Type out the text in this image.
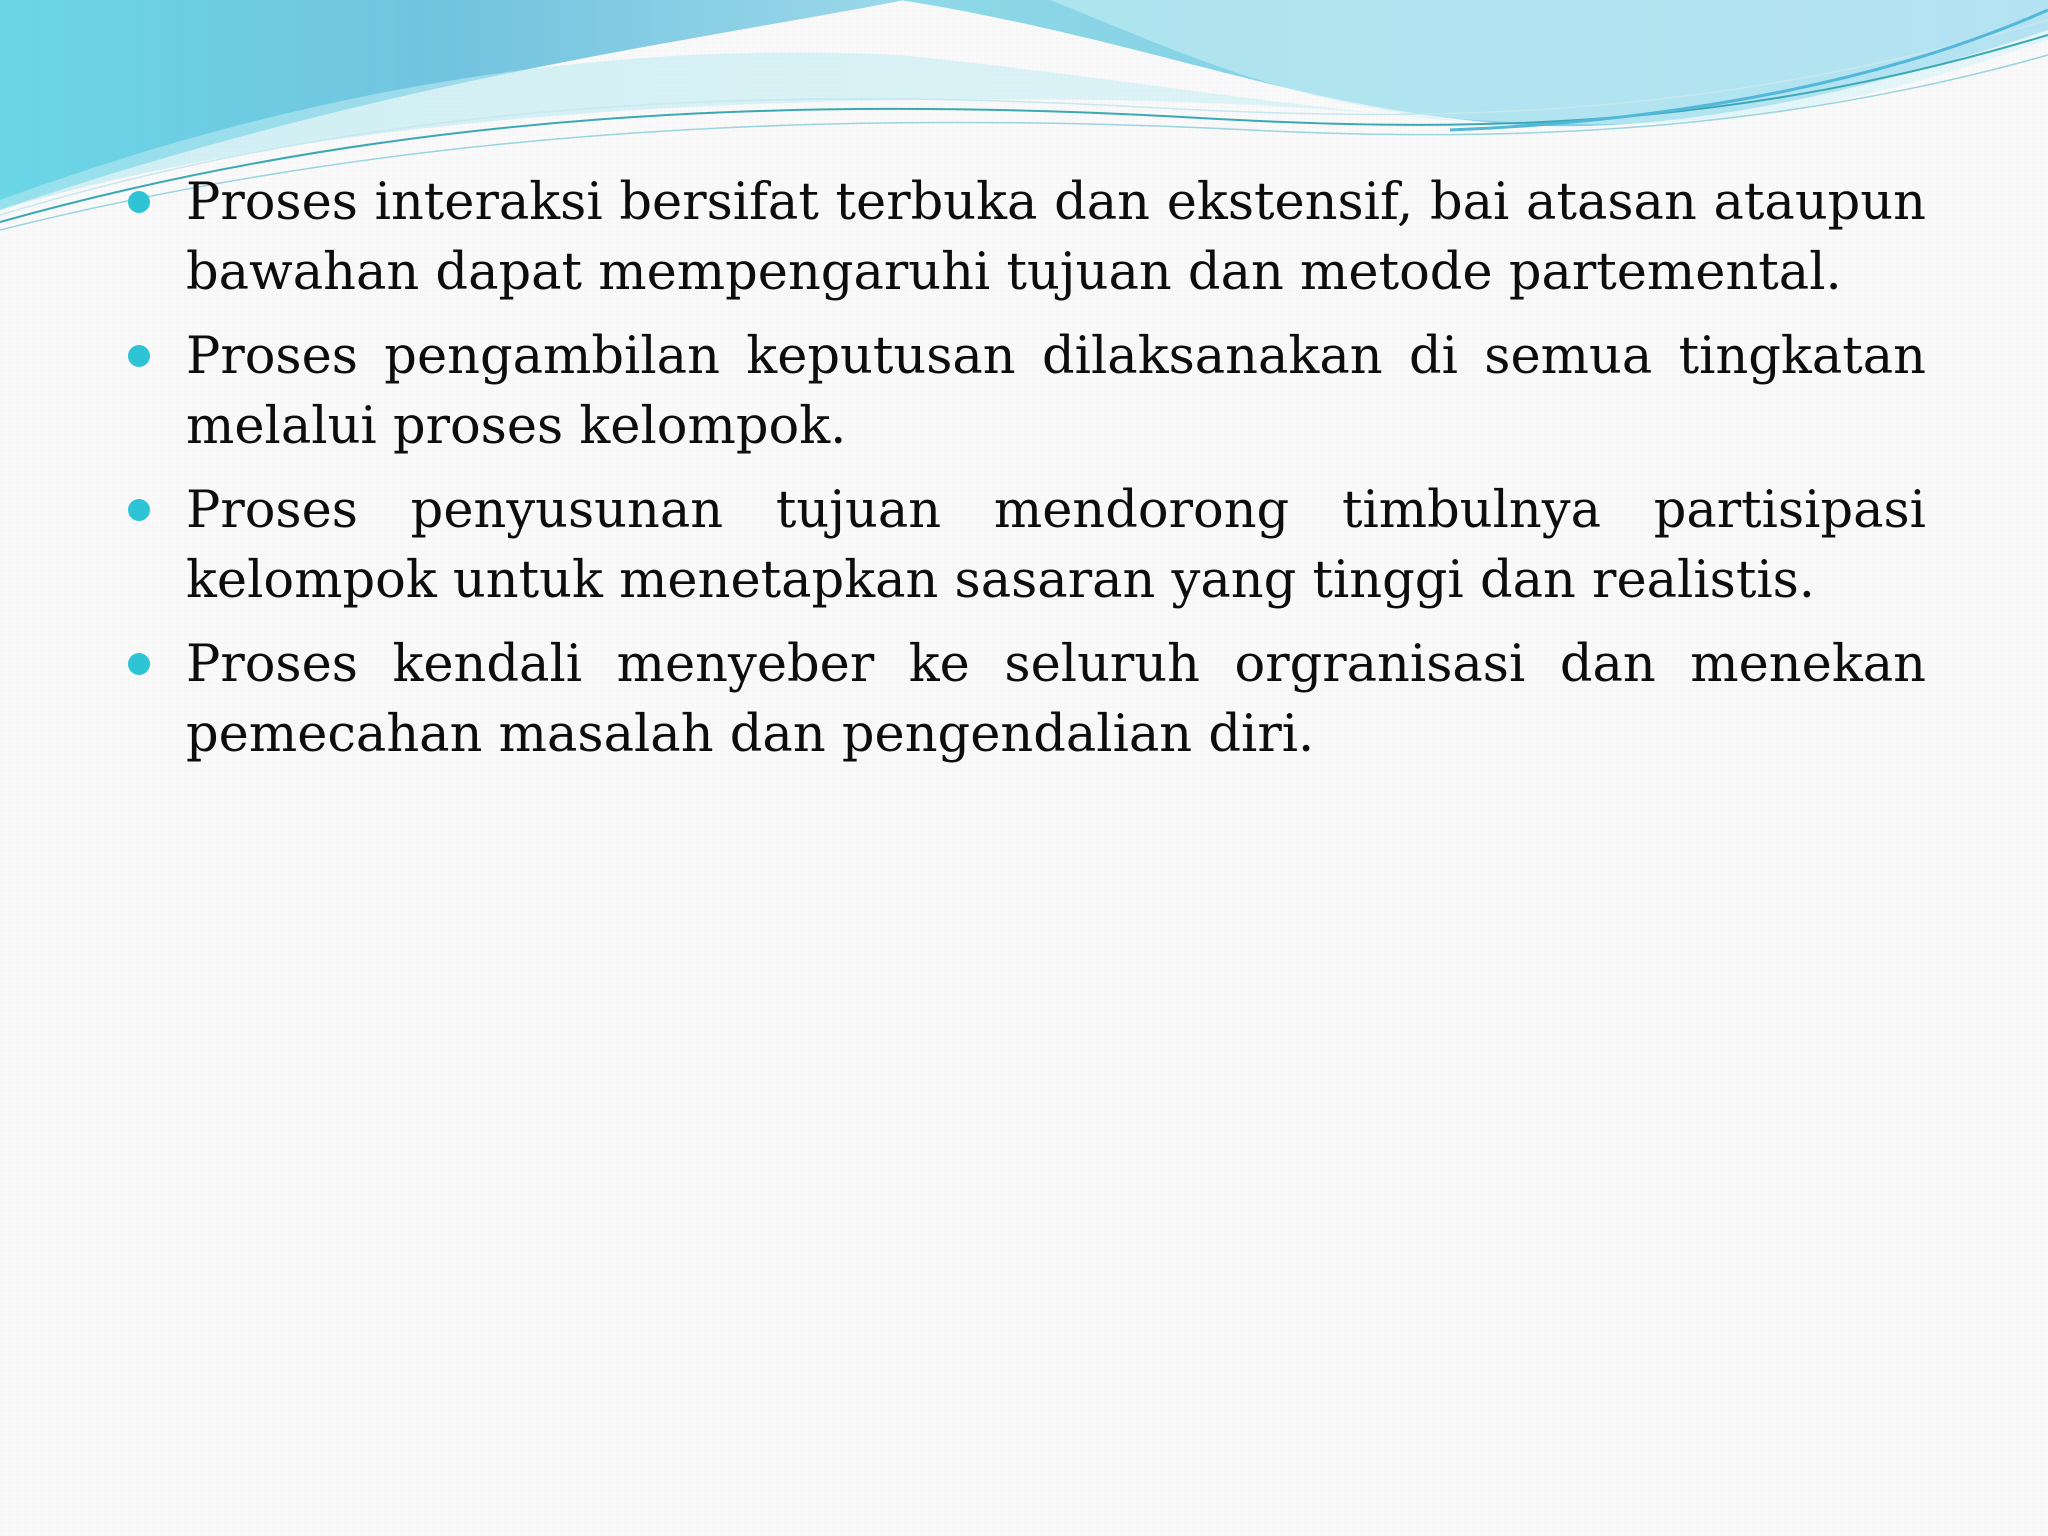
Proses interaksi bersifat terbuka dan ekstensif, bai atasan ataupun bawahan dapat mempengaruhi tujuan dan metode partemental.
Proses pengambilan keputusan dilaksanakan di semua tingkatan melalui proses kelompok.
Proses penyusunan tujuan mendorong timbulnya partisipasi kelompok untuk menetapkan sasaran yang tinggi dan realistis.
Proses kendali menyeber ke seluruh orgranisasi dan menekan pemecahan masalah dan pengendalian diri.
